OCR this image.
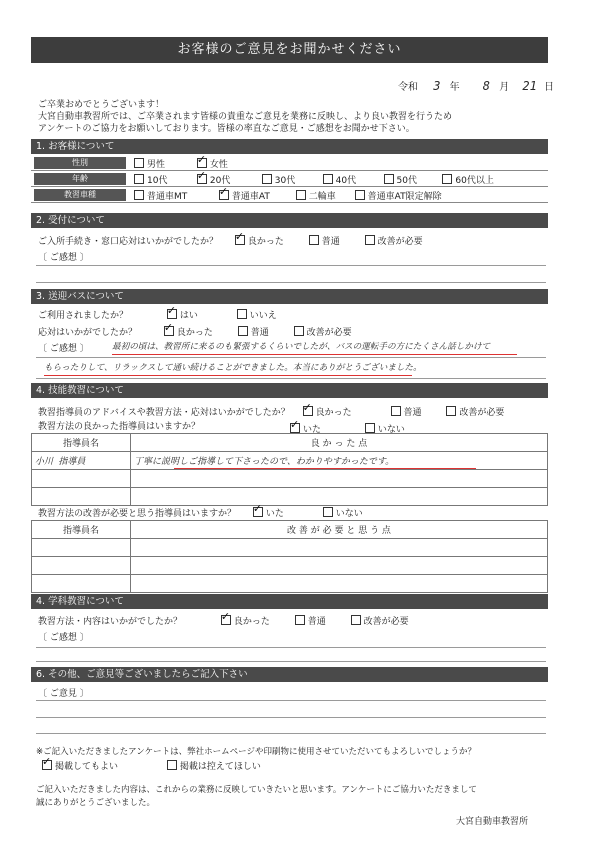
お客様のご意見をお聞かせください
令和 3 年 8 月 21 日
ご卒業おめでとうございます！
大宮自動車教習所では、ご卒業されます皆様の貴重なご意見を業務に反映し、より良い教習を行うため
アンケートのご協力をお願いしております。皆様の率直なご意見・ご感想をお聞かせ下さい。
1. お客様について
性別	男性 ✓	女性
年齢	10代 ✓	20代	30代	40代	50代	60代以上
教習車種	普通車MT ✓	普通車AT	二輪車	普通車AT限定解除
2. 受付について
ご入所手続き・窓口応対はいかがでしたか？ ✓	良かった	普通	改善が必要
〔 ご感想 〕
3. 送迎バスについて
ご利用されましたか？ ✓	はい	いいえ
応対はいかがでしたか？ ✓	良かった	普通	改善が必要
〔 ご感想 〕	最初の頃は、教習所に来るのも緊張するくらいでしたが、バスの運転手の方にたくさん話しかけて
もらったりして、リラックスして通い続けることができました。本当にありがとうございました。
4. 技能教習について
教習指導員のアドバイスや教習方法・応対はいかがでしたか？ ✓	良かった	普通	改善が必要
教習方法の良かった指導員はいますか？ ✓	いた	いない
指導員名	良 か っ た 点
小川 指導員	丁寧に説明しご指導して下さったので、わかりやすかったです。

教習方法の改善が必要と思う指導員はいますか？ ✓	いた	いない
指導員名	改 善 が 必 要 と 思 う 点

4. 学科教習について
教習方法・内容はいかがでしたか？ ✓	良かった	普通	改善が必要
〔 ご感想 〕
6. その他、ご意見等ございましたらご記入下さい
〔 ご意見 〕
※ご記入いただきましたアンケートは、弊社ホームページや印刷物に使用させていただいてもよろしいでしょうか？
✓掲載してもよい	掲載は控えてほしい
ご記入いただきました内容は、これからの業務に反映していきたいと思います。アンケートにご協力いただきまして
誠にありがとうございました。
大宮自動車教習所
